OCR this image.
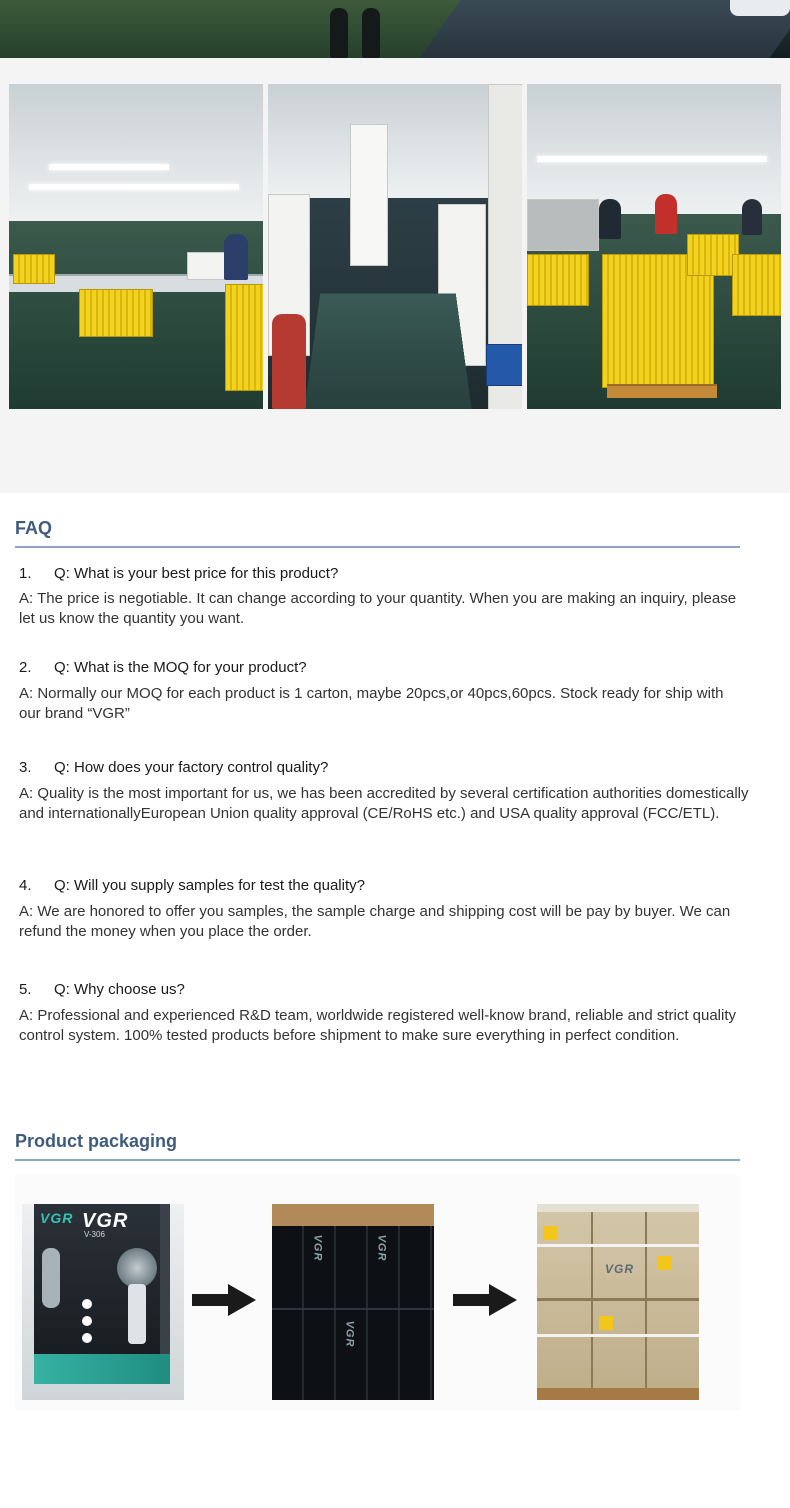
FAQ
1. Q: What is your best price for this product?
A: The price is negotiable. It can change according to your quantity. When you are making an inquiry, please let us know the quantity you want.
2. Q: What is the MOQ for your product?
A: Normally our MOQ for each product is 1 carton, maybe 20pcs,or 40pcs,60pcs. Stock ready for ship with our brand “VGR”
3. Q: How does your factory control quality?
A: Quality is the most important for us, we has been accredited by several certification authorities domestically and internationallyEuropean Union quality approval (CE/RoHS etc.) and USA quality approval (FCC/ETL).
4. Q: Will you supply samples for test the quality?
A: We are honored to offer you samples, the sample charge and shipping cost will be pay by buyer. We can refund the money when you place the order.
5. Q: Why choose us?
A: Professional and experienced R&D team, worldwide registered well-know brand, reliable and strict quality control system. 100% tested products before shipment to make sure everything in perfect condition.
Product packaging
VGR VGR
V-306
VGR	VGR
VGR
VGR
